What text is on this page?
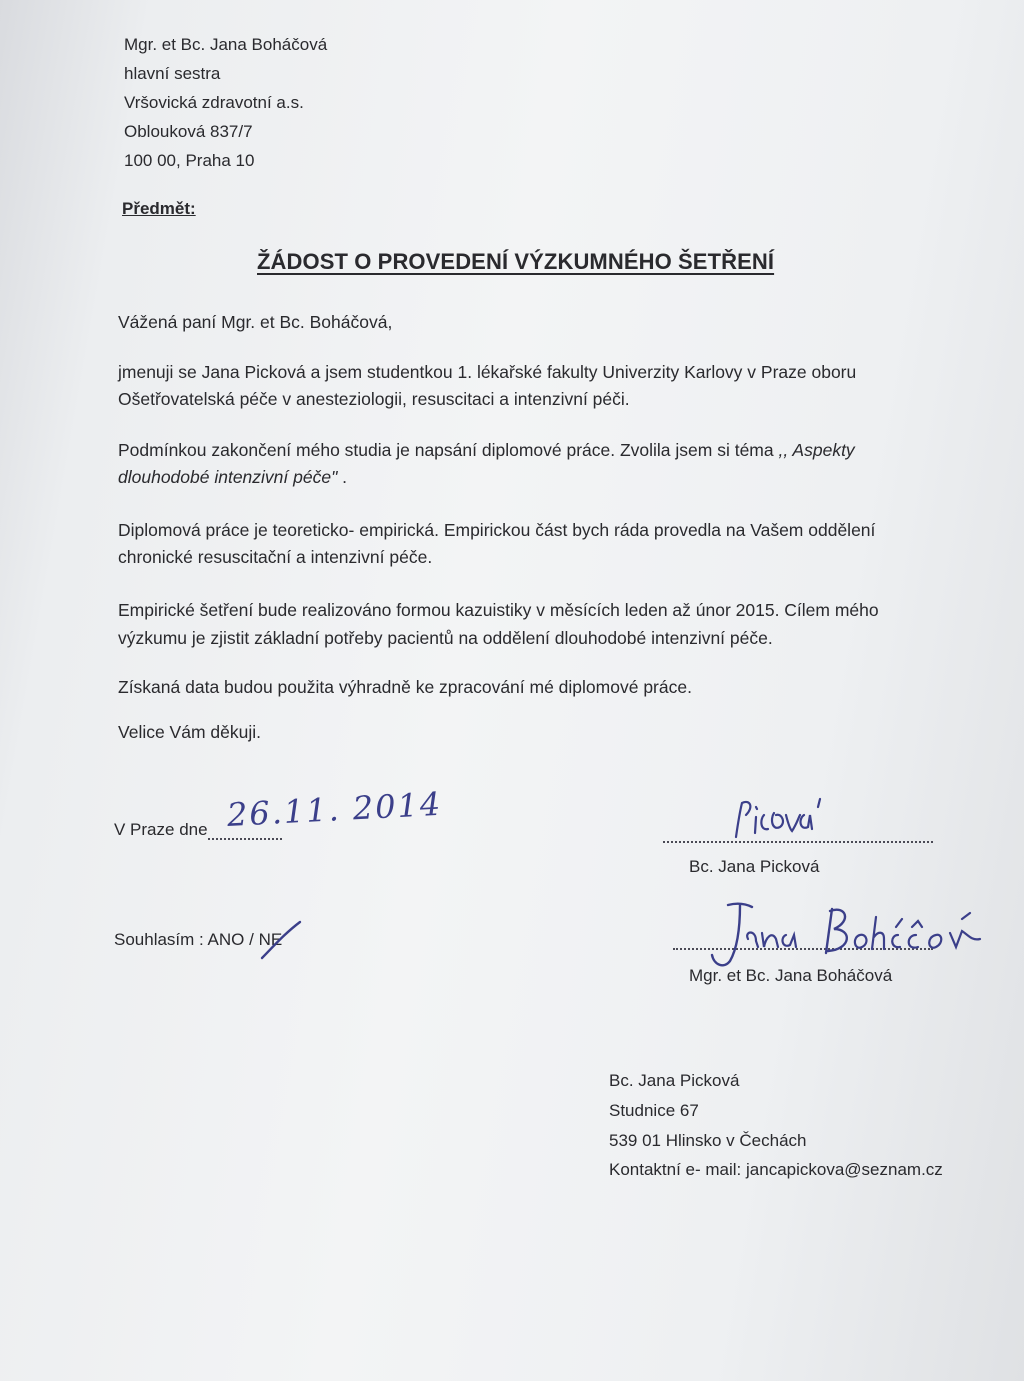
Mgr. et Bc. Jana Boháčová
hlavní sestra
Vršovická zdravotní a.s.
Oblouková 837/7
100 00, Praha 10
Předmět:
ŽÁDOST O PROVEDENÍ VÝZKUMNÉHO ŠETŘENÍ
Vážená paní Mgr. et Bc. Boháčová,
jmenuji se Jana Picková a jsem studentkou 1. lékařské fakulty Univerzity Karlovy v Praze oboru
Ošetřovatelská péče v anesteziologii, resuscitaci a intenzivní péči.
Podmínkou zakončení mého studia je napsání diplomové práce. Zvolila jsem si téma ,, Aspekty
dlouhodobé intenzivní péče" .
Diplomová práce je teoreticko- empirická. Empirickou část bych ráda provedla na Vašem oddělení
chronické resuscitační a intenzivní péče.
Empirické šetření bude realizováno formou kazuistiky v měsících leden až únor 2015. Cílem mého
výzkumu je zjistit základní potřeby pacientů na oddělení dlouhodobé intenzivní péče.
Získaná data budou použita výhradně ke zpracování mé diplomové práce.
Velice Vám děkuji.
V Praze dne 26.11. 2014
Bc. Jana Picková
Souhlasím : ANO / NE
Mgr. et Bc. Jana Boháčová
Bc. Jana Picková
Studnice 67
539 01 Hlinsko v Čechách
Kontaktní e- mail: jancapickova@seznam.cz
